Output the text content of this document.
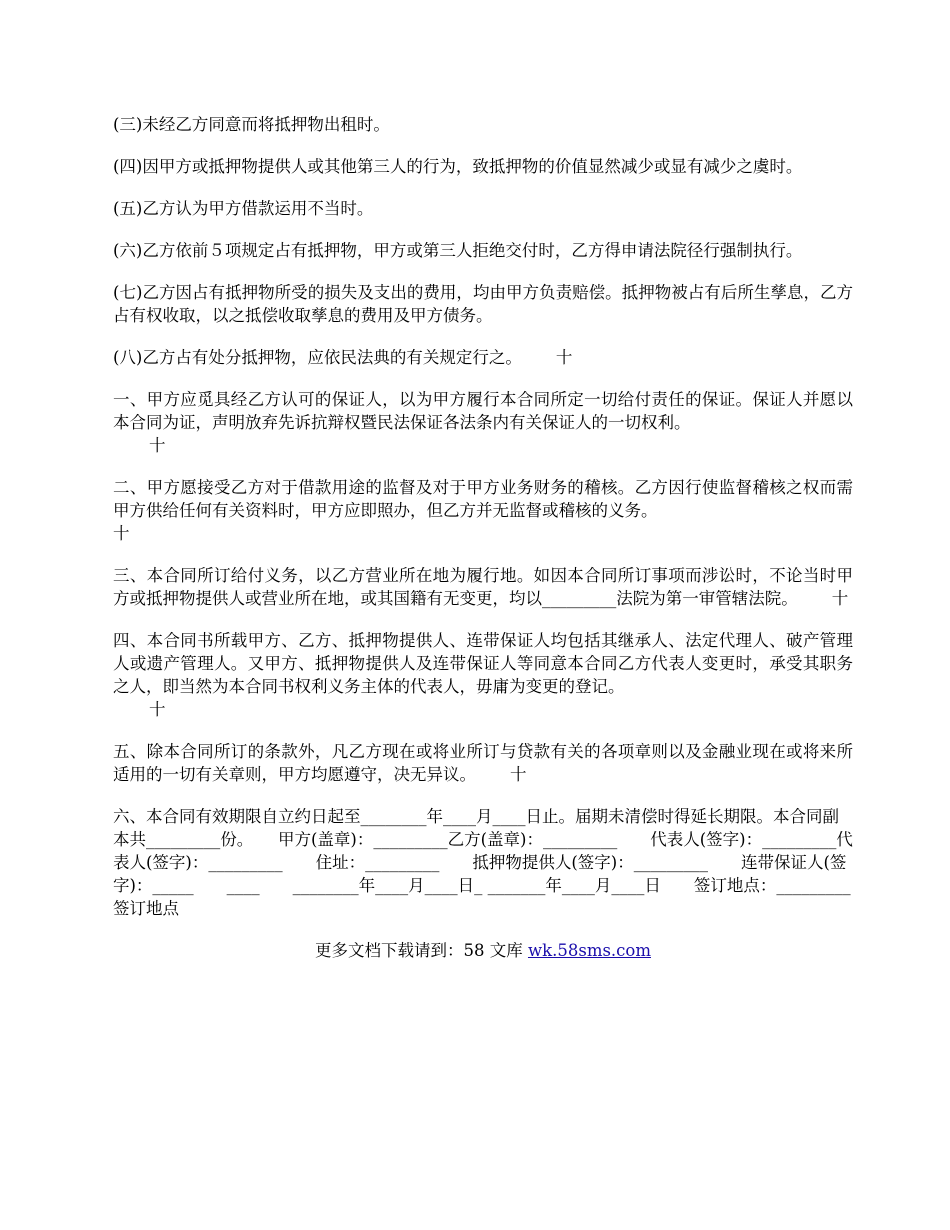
(三)未经乙方同意而将抵押物出租时。
(四)因甲方或抵押物提供人或其他第三人的行为，致抵押物的价值显然减少或显有减少之虞时。
(五)乙方认为甲方借款运用不当时。
(六)乙方依前５项规定占有抵押物，甲方或第三人拒绝交付时，乙方得申请法院径行强制执行。
(七)乙方因占有抵押物所受的损失及支出的费用，均由甲方负责赔偿。抵押物被占有后所生孳息，乙方占有权收取，以之抵偿收取孳息的费用及甲方债务。
(八)乙方占有处分抵押物，应依民法典的有关规定行之。 十
一、甲方应觅具经乙方认可的保证人，以为甲方履行本合同所定一切给付责任的保证。保证人并愿以本合同为证，声明放弃先诉抗辩权暨民法保证各法条内有关保证人的一切权利。
十
二、甲方愿接受乙方对于借款用途的监督及对于甲方业务财务的稽核。乙方因行使监督稽核之权而需甲方供给任何有关资料时，甲方应即照办，但乙方并无监督或稽核的义务。
十
三、本合同所订给付义务，以乙方营业所在地为履行地。如因本合同所订事项而涉讼时，不论当时甲方或抵押物提供人或营业所在地，或其国籍有无变更，均以_________法院为第一审管辖法院。 十
四、本合同书所载甲方、乙方、抵押物提供人、连带保证人均包括其继承人、法定代理人、破产管理人或遗产管理人。又甲方、抵押物提供人及连带保证人等同意本合同乙方代表人变更时，承受其职务之人，即当然为本合同书权利义务主体的代表人，毋庸为变更的登记。
十
五、除本合同所订的条款外，凡乙方现在或将业所订与贷款有关的各项章则以及金融业现在或将来所适用的一切有关章则，甲方均愿遵守，决无异议。 十
六、本合同有效期限自立约日起至________年____月____日止。届期未清偿时得延长期限。本合同副本共_________份。　　甲方(盖章)：_________乙方(盖章)：_________　　代表人(签字)：_________代表人(签字)：_________　　住址：_________　　抵押物提供人(签字)：_________　　连带保证人(签字)：_____　　____　　________年____月____日_ _______年____月____日　　签订地点：_________签订地点
更多文档下载请到：58 文库 wk.58sms.com
